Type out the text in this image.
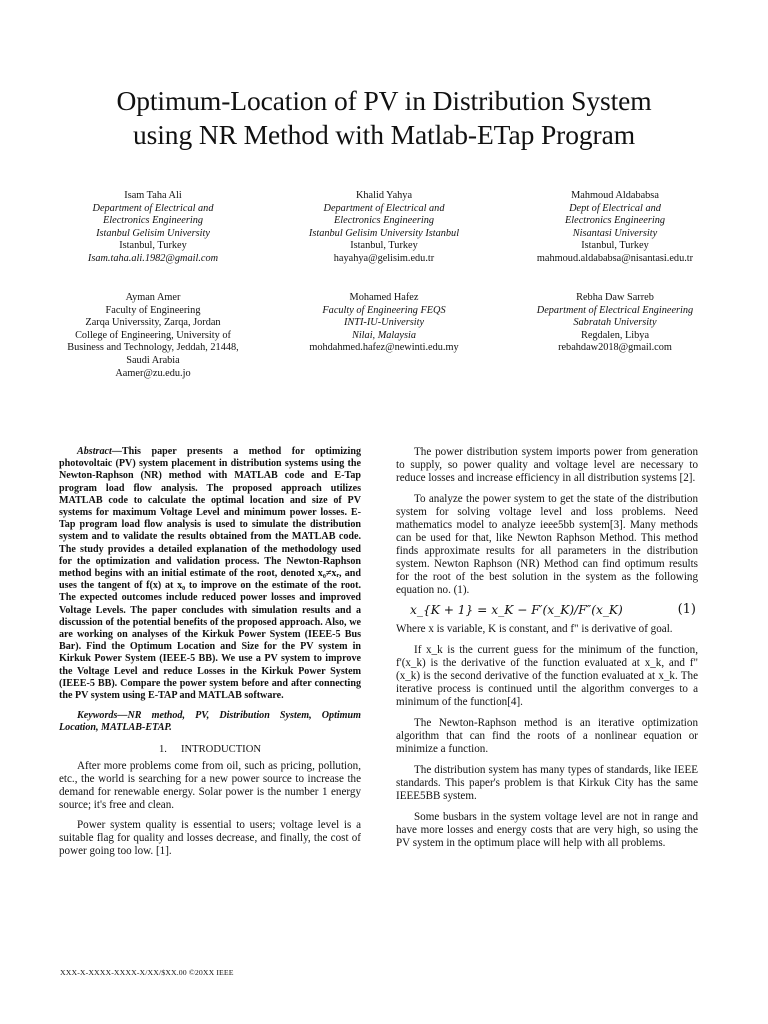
Optimum-Location of PV in Distribution System
using NR Method with Matlab-ETap Program
Isam Taha Ali
Department of Electrical and
Electronics Engineering
Istanbul Gelisim University
Istanbul, Turkey
Isam.taha.ali.1982@gmail.com
Khalid Yahya
Department of Electrical and
Electronics Engineering
Istanbul Gelisim University Istanbul
Istanbul, Turkey
hayahya@gelisim.edu.tr
Mahmoud Aldababsa
Dept of Electrical and
Electronics Engineering
Nisantasi University
Istanbul, Turkey
mahmoud.aldababsa@nisantasi.edu.tr
Ayman Amer
Faculty of Engineering
Zarqa Universsity, Zarqa, Jordan
College of Engineering, University of
Business and Technology, Jeddah, 21448,
Saudi Arabia
Aamer@zu.edu.jo
Mohamed Hafez
Faculty of Engineering FEQS
INTI-IU-University
Nilai, Malaysia
mohdahmed.hafez@newinti.edu.my
Rebha Daw Sarreb
Department of Electrical Engineering
Sabratah University
Regdalen, Libya
rebahdaw2018@gmail.com

Abstract—This paper presents a method for optimizing photovoltaic (PV) system placement in distribution systems using the Newton-Raphson (NR) method with MATLAB code and E-Tap program load flow analysis. The proposed approach utilizes MATLAB code to calculate the optimal location and size of PV systems for maximum Voltage Level and minimum power losses. E-Tap program load flow analysis is used to simulate the distribution system and to validate the results obtained from the MATLAB code. The study provides a detailed explanation of the methodology used for the optimization and validation process. The Newton-Raphson method begins with an initial estimate of the root, denoted x₀≠xᵣ, and uses the tangent of f(x) at x₀ to improve on the estimate of the root. The expected outcomes include reduced power losses and improved Voltage Levels. The paper concludes with simulation results and a discussion of the potential benefits of the proposed approach. Also, we are working on analyses of the Kirkuk Power System (IEEE-5 Bus Bar). Find the Optimum Location and Size for the PV system in Kirkuk Power System (IEEE-5 BB). We use a PV system to improve the Voltage Level and reduce Losses in the Kirkuk Power System (IEEE-5 BB). Compare the power system before and after connecting the PV system using E-TAP and MATLAB software.

Keywords—NR method, PV, Distribution System, Optimum Location, MATLAB-ETAP.

1. INTRODUCTION

After more problems come from oil, such as pricing, pollution, etc., the world is searching for a new power source to increase the demand for renewable energy. Solar power is the number 1 energy source; it's free and clean.

Power system quality is essential to users; voltage level is a suitable flag for quality and losses decrease, and finally, the cost of power going too low. [1].

The power distribution system imports power from generation to supply, so power quality and voltage level are necessary to reduce losses and increase efficiency in all distribution systems [2].

To analyze the power system to get the state of the distribution system for solving voltage level and loss problems. Need mathematics model to analyze ieee5bb system[3]. Many methods can be used for that, like Newton Raphson Method. This method finds approximate results for all parameters in the distribution system. Newton Raphson (NR) Method can find optimum results for the root of the best solution in the system as the following equation no. (1).

x_{K + 1} = x_K − F′(x_K)/F″(x_K)	(1)

Where x is variable, K is constant, and f" is derivative of goal.

If x_k is the current guess for the minimum of the function, f'(x_k) is the derivative of the function evaluated at x_k, and f"(x_k) is the second derivative of the function evaluated at x_k. The iterative process is continued until the algorithm converges to a minimum of the function[4].

The Newton-Raphson method is an iterative optimization algorithm that can find the roots of a nonlinear equation or minimize a function.

The distribution system has many types of standards, like IEEE standards. This paper's problem is that Kirkuk City has the same IEEE5BB system.

Some busbars in the system voltage level are not in range and have more losses and energy costs that are very high, so using the PV system in the optimum place will help with all problems.

XXX-X-XXXX-XXXX-X/XX/$XX.00 ©20XX IEEE
